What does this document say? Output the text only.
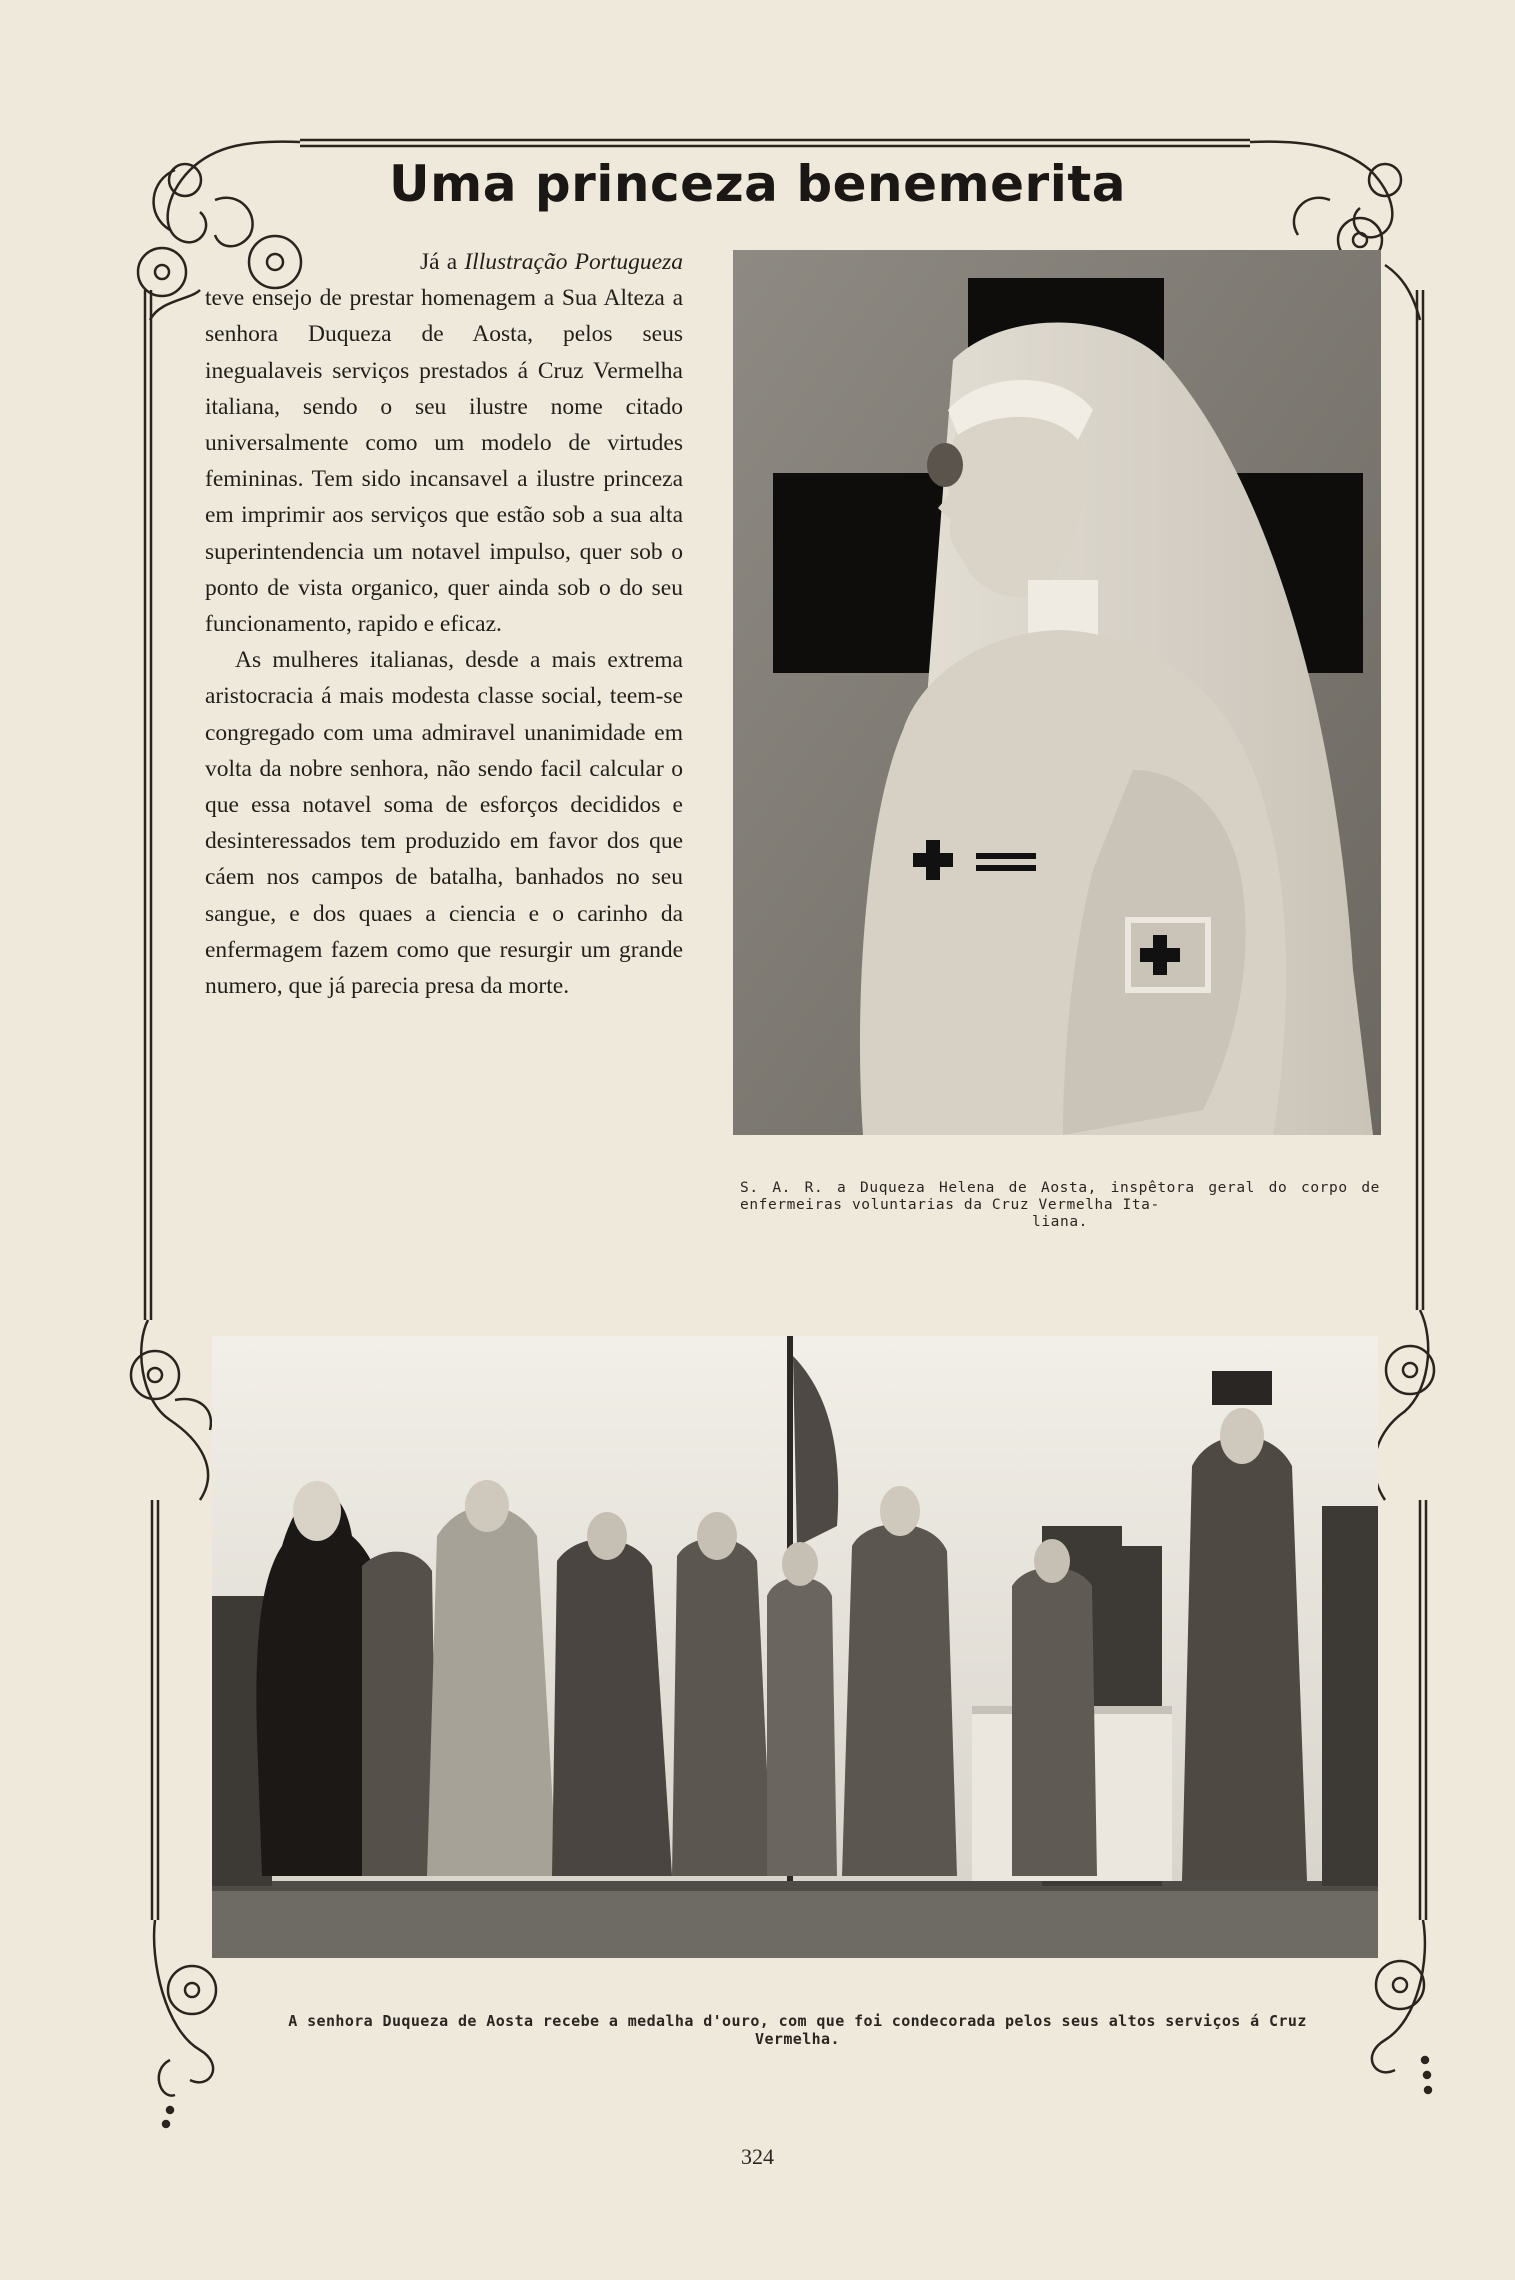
Uma princeza benemerita

Já a Illustração Portugueza teve ensejo de prestar homenagem a Sua Alteza a senhora Duqueza de Aosta, pelos seus inegualaveis serviços prestados á Cruz Vermelha italiana, sendo o seu ilustre nome citado universalmente como um modelo de virtudes femininas. Tem sido incansavel a ilustre princeza em imprimir aos serviços que estão sob a sua alta superintendencia um notavel impulso, quer sob o ponto de vista organico, quer ainda sob o do seu funcionamento, rapido e eficaz.

As mulheres italianas, desde a mais extrema aristocracia á mais modesta classe social, teem-se congregado com uma admiravel unanimidade em volta da nobre senhora, não sendo facil calcular o que essa notavel soma de esforços decididos e desinteressados tem produzido em favor dos que cáem nos campos de batalha, banhados no seu sangue, e dos quaes a ciencia e o carinho da enfermagem fazem como que resurgir um grande numero, que já parecia presa da morte.

S. A. R. a Duqueza Helena de Aosta, inspêtora geral do corpo de enfermeiras voluntarias da Cruz Vermelha Ita-
liana.
A senhora Duqueza de Aosta recebe a medalha d'ouro, com que foi condecorada pelos seus altos serviços á Cruz Vermelha.
324
